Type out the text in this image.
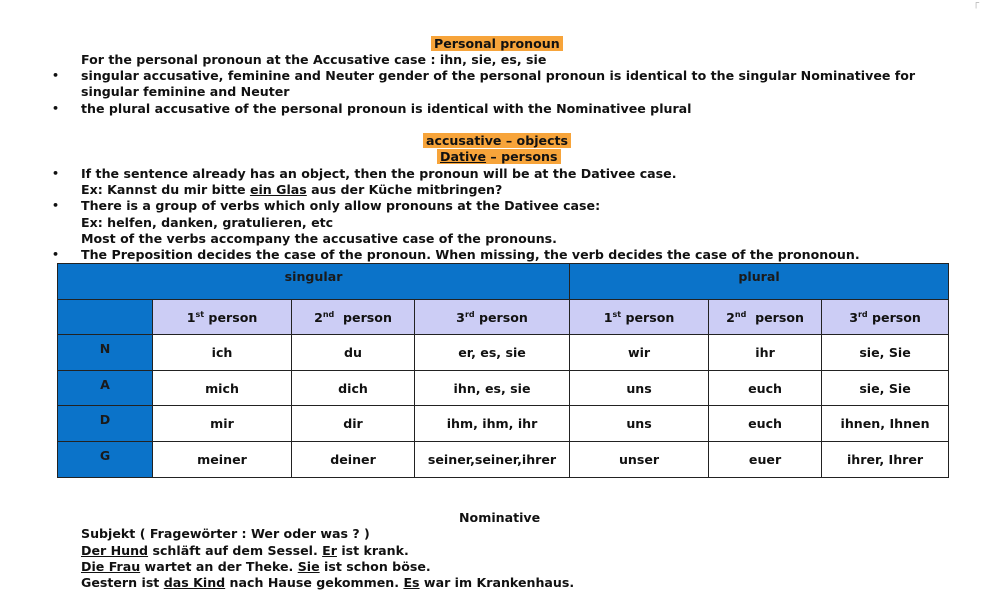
┌
Personal pronoun
For the personal pronoun at the Accusative case : ihn, sie, es, sie
• singular accusative, feminine and Neuter gender of the personal pronoun is identical to the singular Nominativee for
singular feminine and Neuter
• the plural accusative of the personal pronoun is identical with the Nominativee plural
accusative – objects
Dative – persons
• If the sentence already has an object, then the pronoun will be at the Dativee case.
Ex: Kannst du mir bitte ein Glas aus der Küche mitbringen?
• There is a group of verbs which only allow pronouns at the Dativee case:
Ex: helfen, danken, gratulieren, etc
Most of the verbs accompany the accusative case of the pronouns.
• The Preposition decides the case of the pronoun. When missing, the verb decides the case of the prononoun.
singular				plural		
	1st person	2nd  person	3rd person	1st person	2nd  person	3rd person
N	ich	du	er, es, sie	wir	ihr	sie, Sie
A	mich	dich	ihn, es, sie	uns	euch	sie, Sie
D	mir	dir	ihm, ihm, ihr	uns	euch	ihnen, Ihnen
G	meiner	deiner	seiner,seiner,ihrer	unser	euer	ihrer, Ihrer
Nominative
Subjekt ( Fragewörter : Wer oder was ? )
Der Hund schläft auf dem Sessel. Er ist krank.
Die Frau wartet an der Theke. Sie ist schon böse.
Gestern ist das Kind nach Hause gekommen. Es war im Krankenhaus.
